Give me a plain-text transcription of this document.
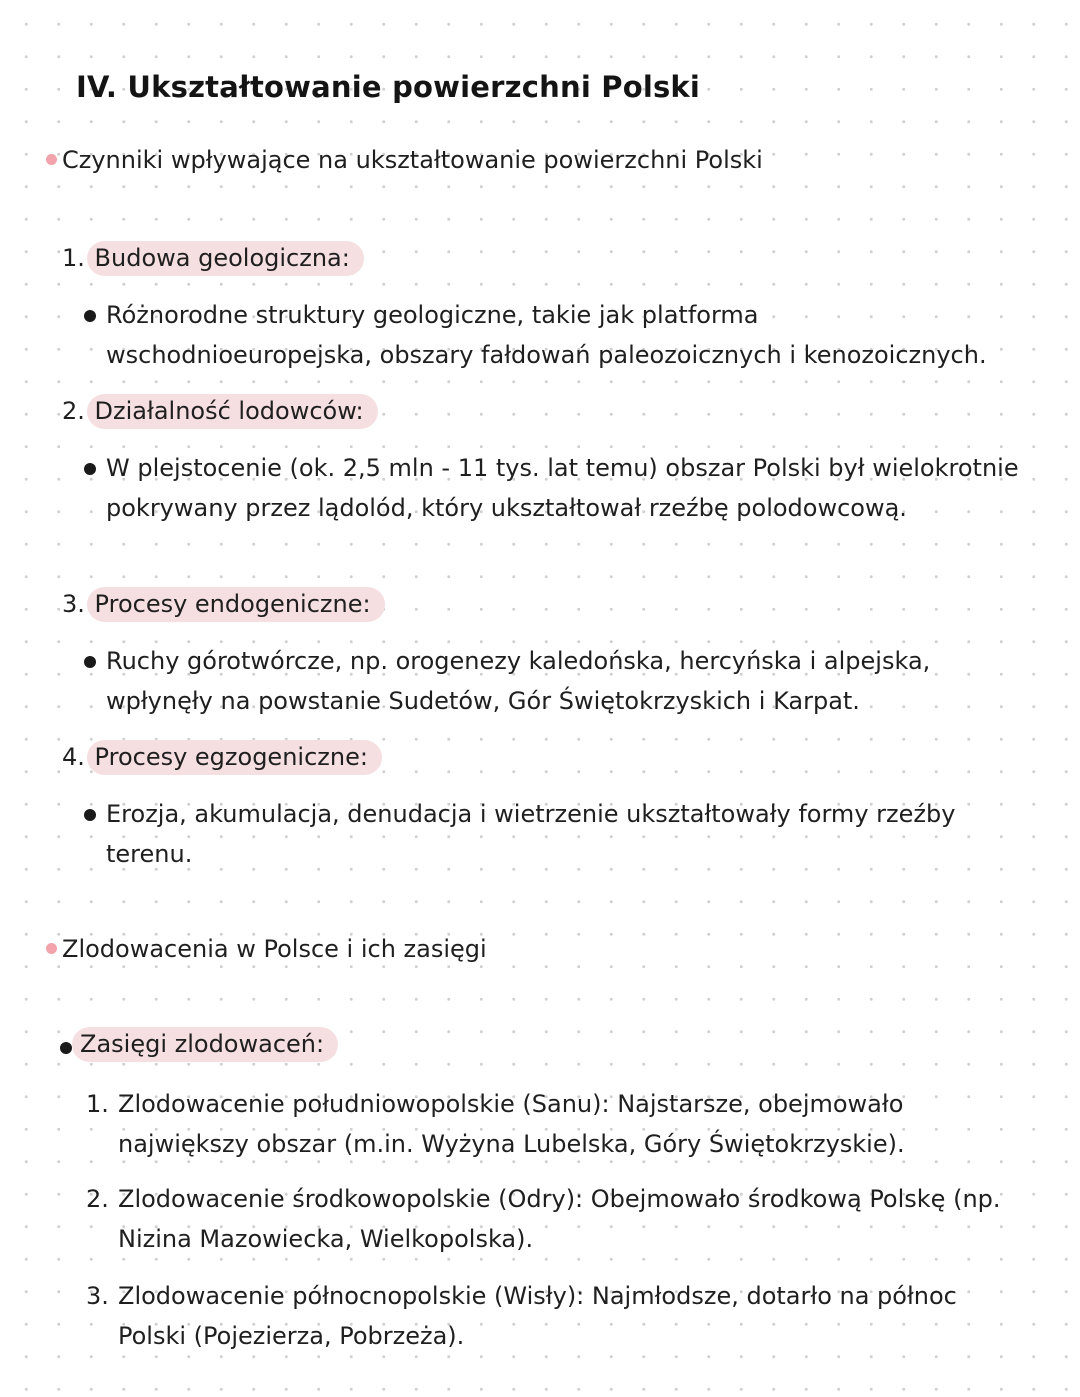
IV. Ukształtowanie powierzchni Polski
Czynniki wpływające na ukształtowanie powierzchni Polski
1. Budowa geologiczna:
Różnorodne struktury geologiczne, takie jak platforma wschodnioeuropejska, obszary fałdowań paleozoicznych i kenozoicznych.
2. Działalność lodowców:
W plejstocenie (ok. 2,5 mln - 11 tys. lat temu) obszar Polski był wielokrotnie pokrywany przez lądolód, który ukształtował rzeźbę polodowcową.
3. Procesy endogeniczne:
Ruchy górotwórcze, np. orogenezy kaledońska, hercyńska i alpejska, wpłynęły na powstanie Sudetów, Gór Świętokrzyskich i Karpat.
4. Procesy egzogeniczne:
Erozja, akumulacja, denudacja i wietrzenie ukształtowały formy rzeźby terenu.
Zlodowacenia w Polsce i ich zasięgi
Zasięgi zlodowaceń:
1. Zlodowacenie południowopolskie (Sanu): Najstarsze, obejmowało największy obszar (m.in. Wyżyna Lubelska, Góry Świętokrzyskie).
2. Zlodowacenie środkowopolskie (Odry): Obejmowało środkową Polskę (np. Nizina Mazowiecka, Wielkopolska).
3. Zlodowacenie północnopolskie (Wisły): Najmłodsze, dotarło na północ Polski (Pojezierza, Pobrzeża).
